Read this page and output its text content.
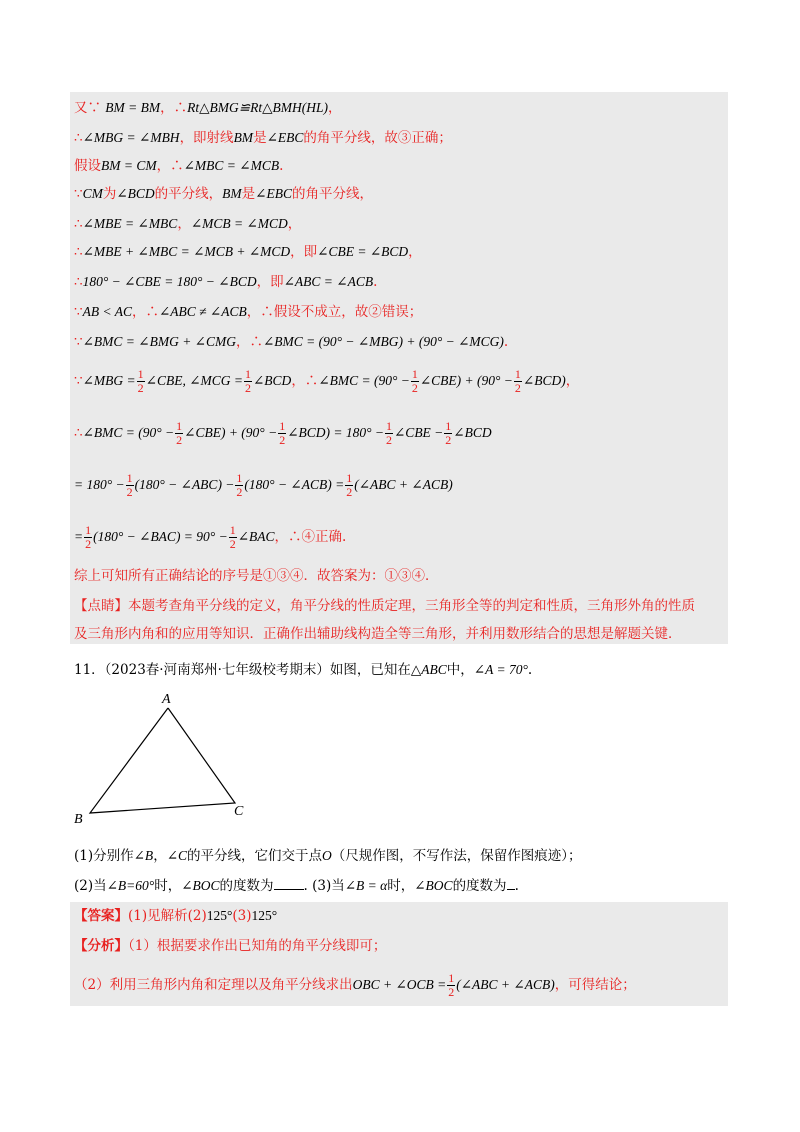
又∵ BM = BM，∴Rt△BMG≌Rt△BMH(HL)，
∴∠MBG = ∠MBH，即射线BM是∠EBC的角平分线，故③正确；
假设BM = CM，∴∠MBC = ∠MCB.
∵CM为∠BCD的平分线，BM是∠EBC的角平分线，
∴∠MBE = ∠MBC，∠MCB = ∠MCD，
∴∠MBE + ∠MBC = ∠MCB + ∠MCD，即∠CBE = ∠BCD，
∴180° − ∠CBE = 180° − ∠BCD，即∠ABC = ∠ACB.
∵AB < AC，∴∠ABC ≠ ∠ACB，∴假设不成立，故②错误；
∵∠BMC = ∠BMG + ∠CMG，∴∠BMC = (90° − ∠MBG) + (90° − ∠MCG).
∵∠MBG = $\frac{1}{2}$ ∠CBE, ∠MCG = $\frac{1}{2}$ ∠BCD，∴∠BMC = ($90^\circ - \frac{1}{2}$ ∠CBE) + ($90^\circ - \frac{1}{2}$ ∠BCD)，
∴∠BMC = ($90^\circ - \frac{1}{2}$ ∠CBE) + ($90^\circ - \frac{1}{2}$ ∠BCD) = $180^\circ - \frac{1}{2}$ ∠CBE − $\frac{1}{2}$ ∠BCD
= $180^\circ - \frac{1}{2} (180^\circ$ − ∠ABC) − $\frac{1}{2} (180^\circ$ − ∠ACB) = $\frac{1}{2}$ (∠ABC + ∠ACB)
= $\frac{1}{2} (180^\circ$ − ∠BAC) = $90^\circ - \frac{1}{2}$ ∠BAC，∴④正确.
综上可知所有正确结论的序号是①③④．故答案为：①③④．
【点睛】本题考查角平分线的定义，角平分线的性质定理，三角形全等的判定和性质，三角形外角的性质
及三角形内角和的应用等知识．正确作出辅助线构造全等三角形，并利用数形结合的思想是解题关键．
11．（2023春·河南郑州·七年级校考期末）如图，已知在△ABC中，∠A = 70°.
A
B
C
(1)分别作∠B，∠C的平分线，它们交于点O（尺规作图，不写作法，保留作图痕迹）；
(2)当∠B=60°时，∠BOC的度数为 . (3)当∠B = α时，∠BOC的度数为 .
【答案】(1)见解析(2)125°(3)125°
【分析】（1）根据要求作出已知角的角平分线即可；
（2）利用三角形内角和定理以及角平分线求出OBC + ∠OCB = $\frac{1}{2}$ (∠ABC + ∠ACB)，可得结论；
